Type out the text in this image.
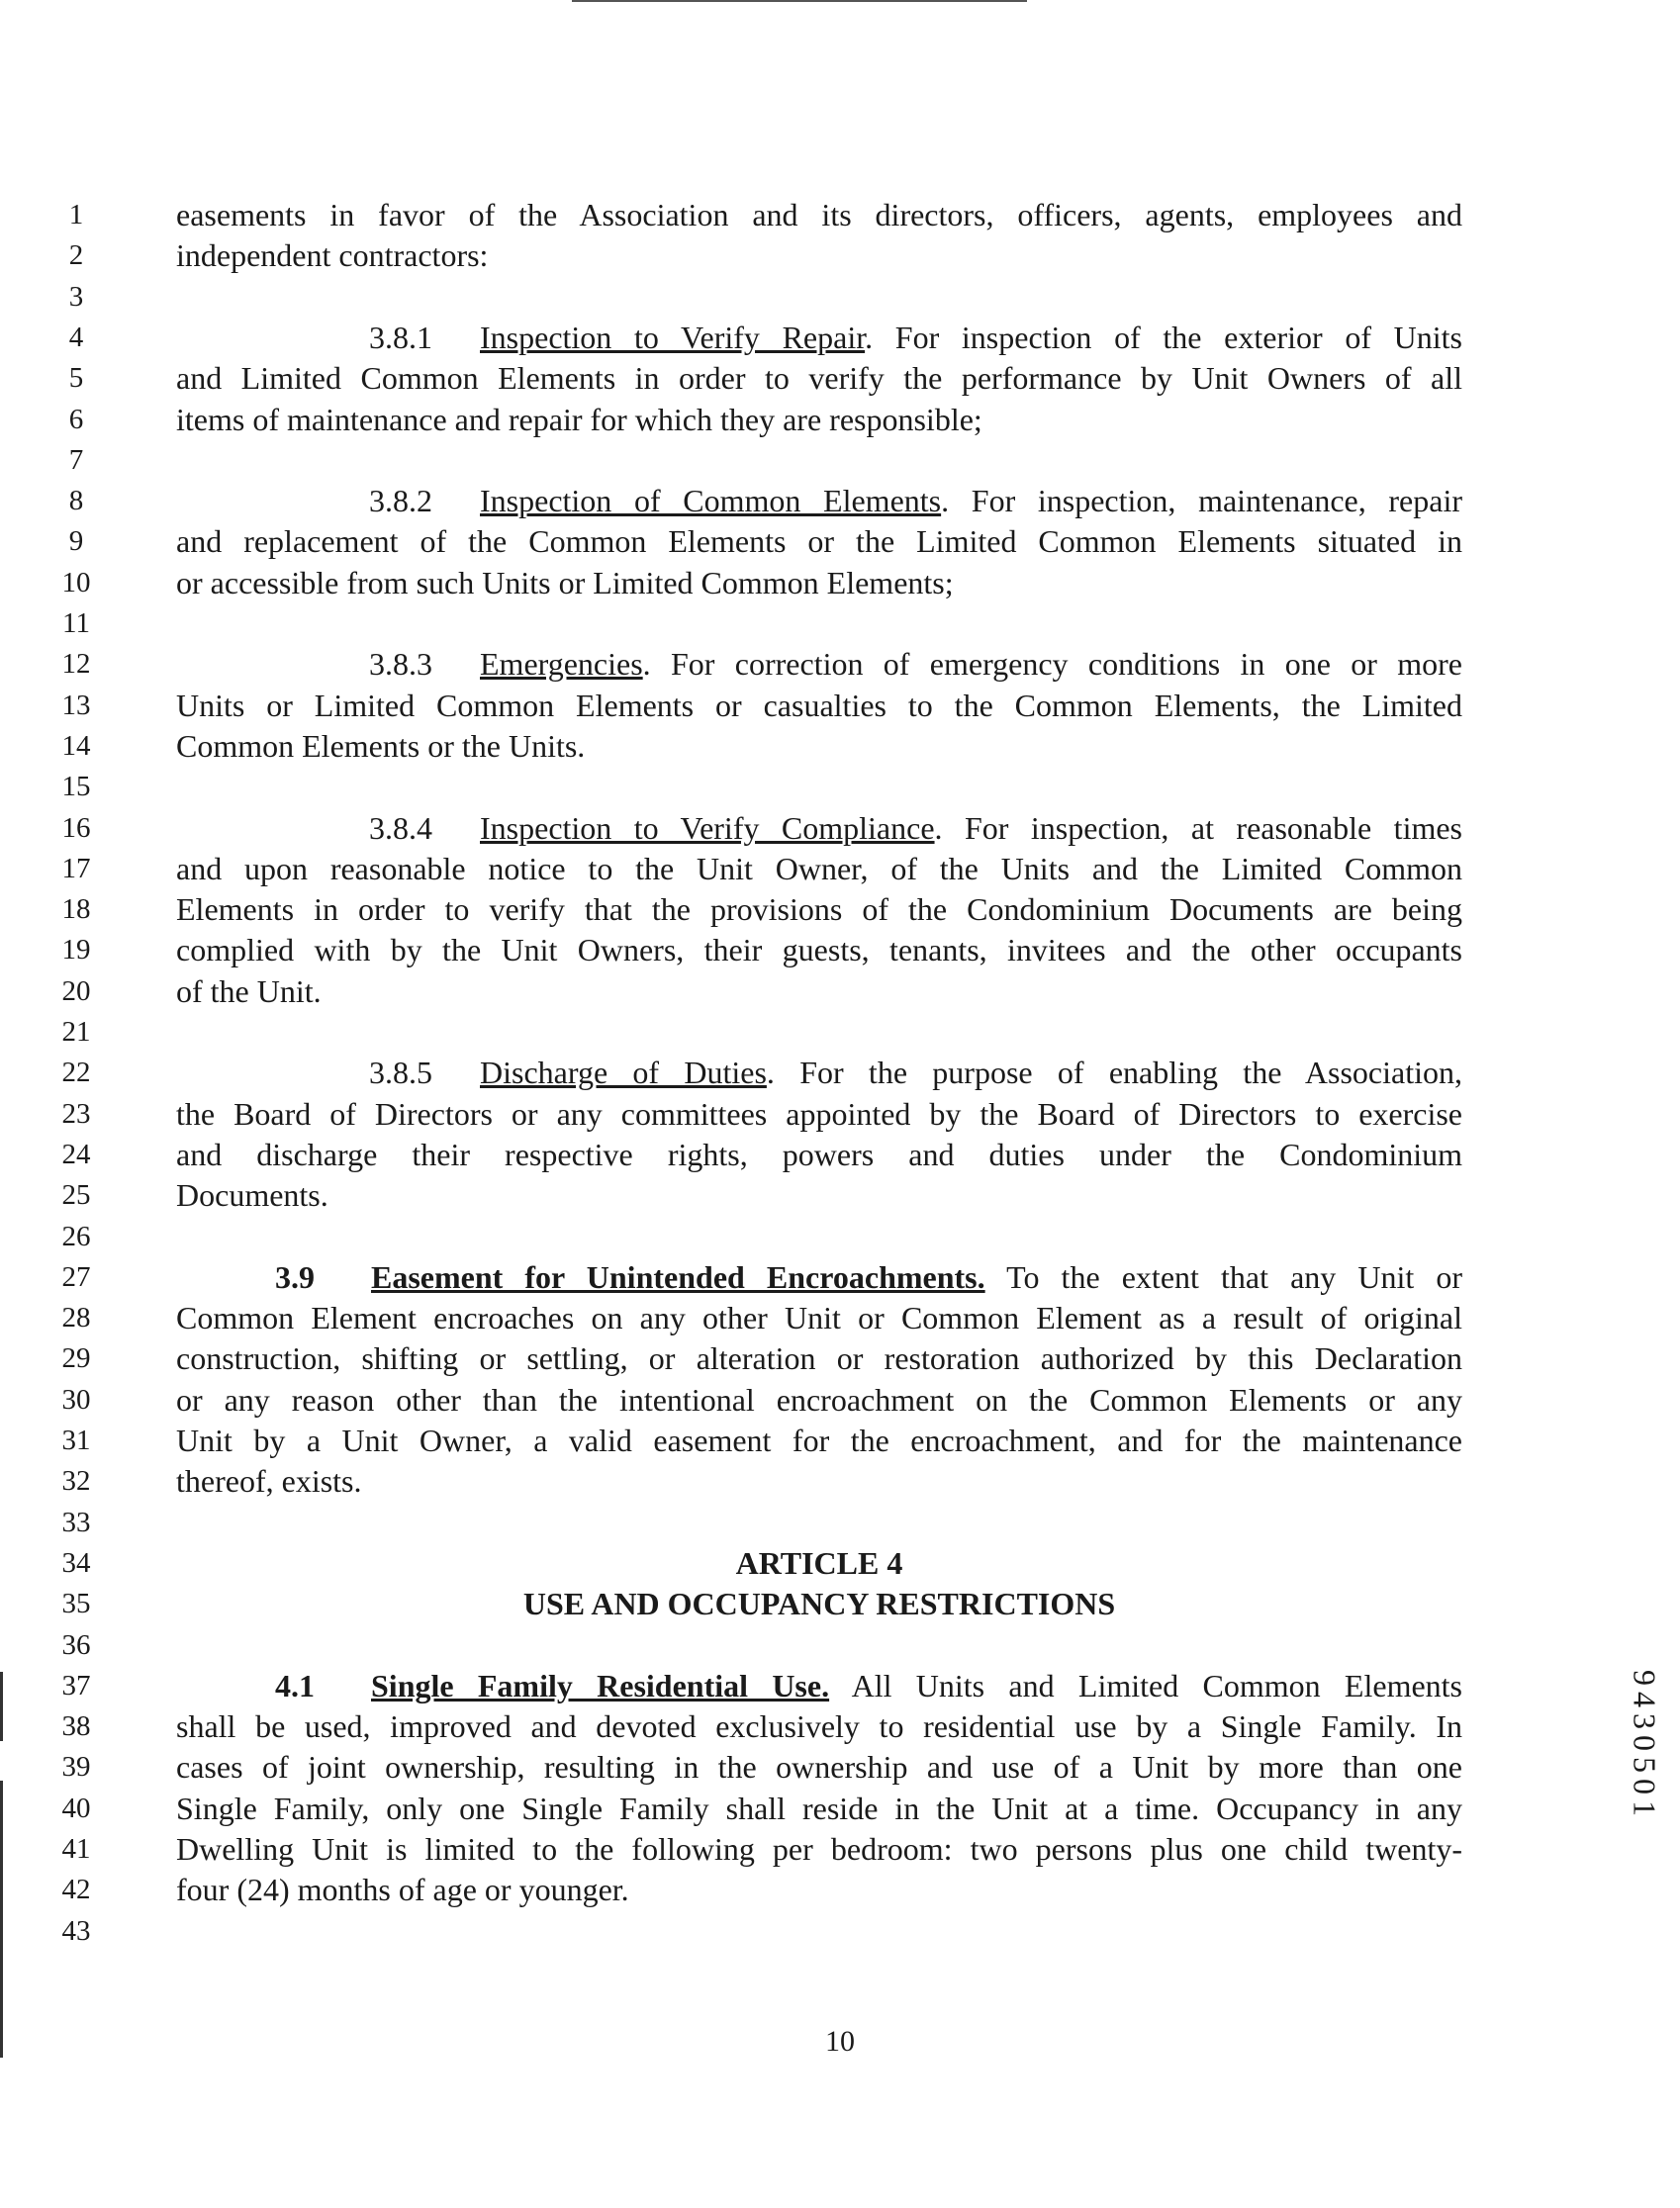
1	easements in favor of the Association and its directors, officers, agents, employees and
2	independent contractors:
3
4	3.8.1 Inspection to Verify Repair. For inspection of the exterior of Units
5	and Limited Common Elements in order to verify the performance by Unit Owners of all
6	items of maintenance and repair for which they are responsible;
7
8	3.8.2 Inspection of Common Elements. For inspection, maintenance, repair
9	and replacement of the Common Elements or the Limited Common Elements situated in
10	or accessible from such Units or Limited Common Elements;
11
12	3.8.3 Emergencies. For correction of emergency conditions in one or more
13	Units or Limited Common Elements or casualties to the Common Elements, the Limited
14	Common Elements or the Units.
15
16	3.8.4 Inspection to Verify Compliance. For inspection, at reasonable times
17	and upon reasonable notice to the Unit Owner, of the Units and the Limited Common
18	Elements in order to verify that the provisions of the Condominium Documents are being
19	complied with by the Unit Owners, their guests, tenants, invitees and the other occupants
20	of the Unit.
21
22	3.8.5 Discharge of Duties. For the purpose of enabling the Association,
23	the Board of Directors or any committees appointed by the Board of Directors to exercise
24	and discharge their respective rights, powers and duties under the Condominium
25	Documents.
26
27	3.9 Easement for Unintended Encroachments. To the extent that any Unit or
28	Common Element encroaches on any other Unit or Common Element as a result of original
29	construction, shifting or settling, or alteration or restoration authorized by this Declaration
30	or any reason other than the intentional encroachment on the Common Elements or any
31	Unit by a Unit Owner, a valid easement for the encroachment, and for the maintenance
32	thereof, exists.
33
34	ARTICLE 4
35	USE AND OCCUPANCY RESTRICTIONS
36
37	4.1 Single Family Residential Use. All Units and Limited Common Elements
38	shall be used, improved and devoted exclusively to residential use by a Single Family. In
39	cases of joint ownership, resulting in the ownership and use of a Unit by more than one
40	Single Family, only one Single Family shall reside in the Unit at a time. Occupancy in any
41	Dwelling Unit is limited to the following per bedroom: two persons plus one child twenty-
42	four (24) months of age or younger.
43
10
9430501
